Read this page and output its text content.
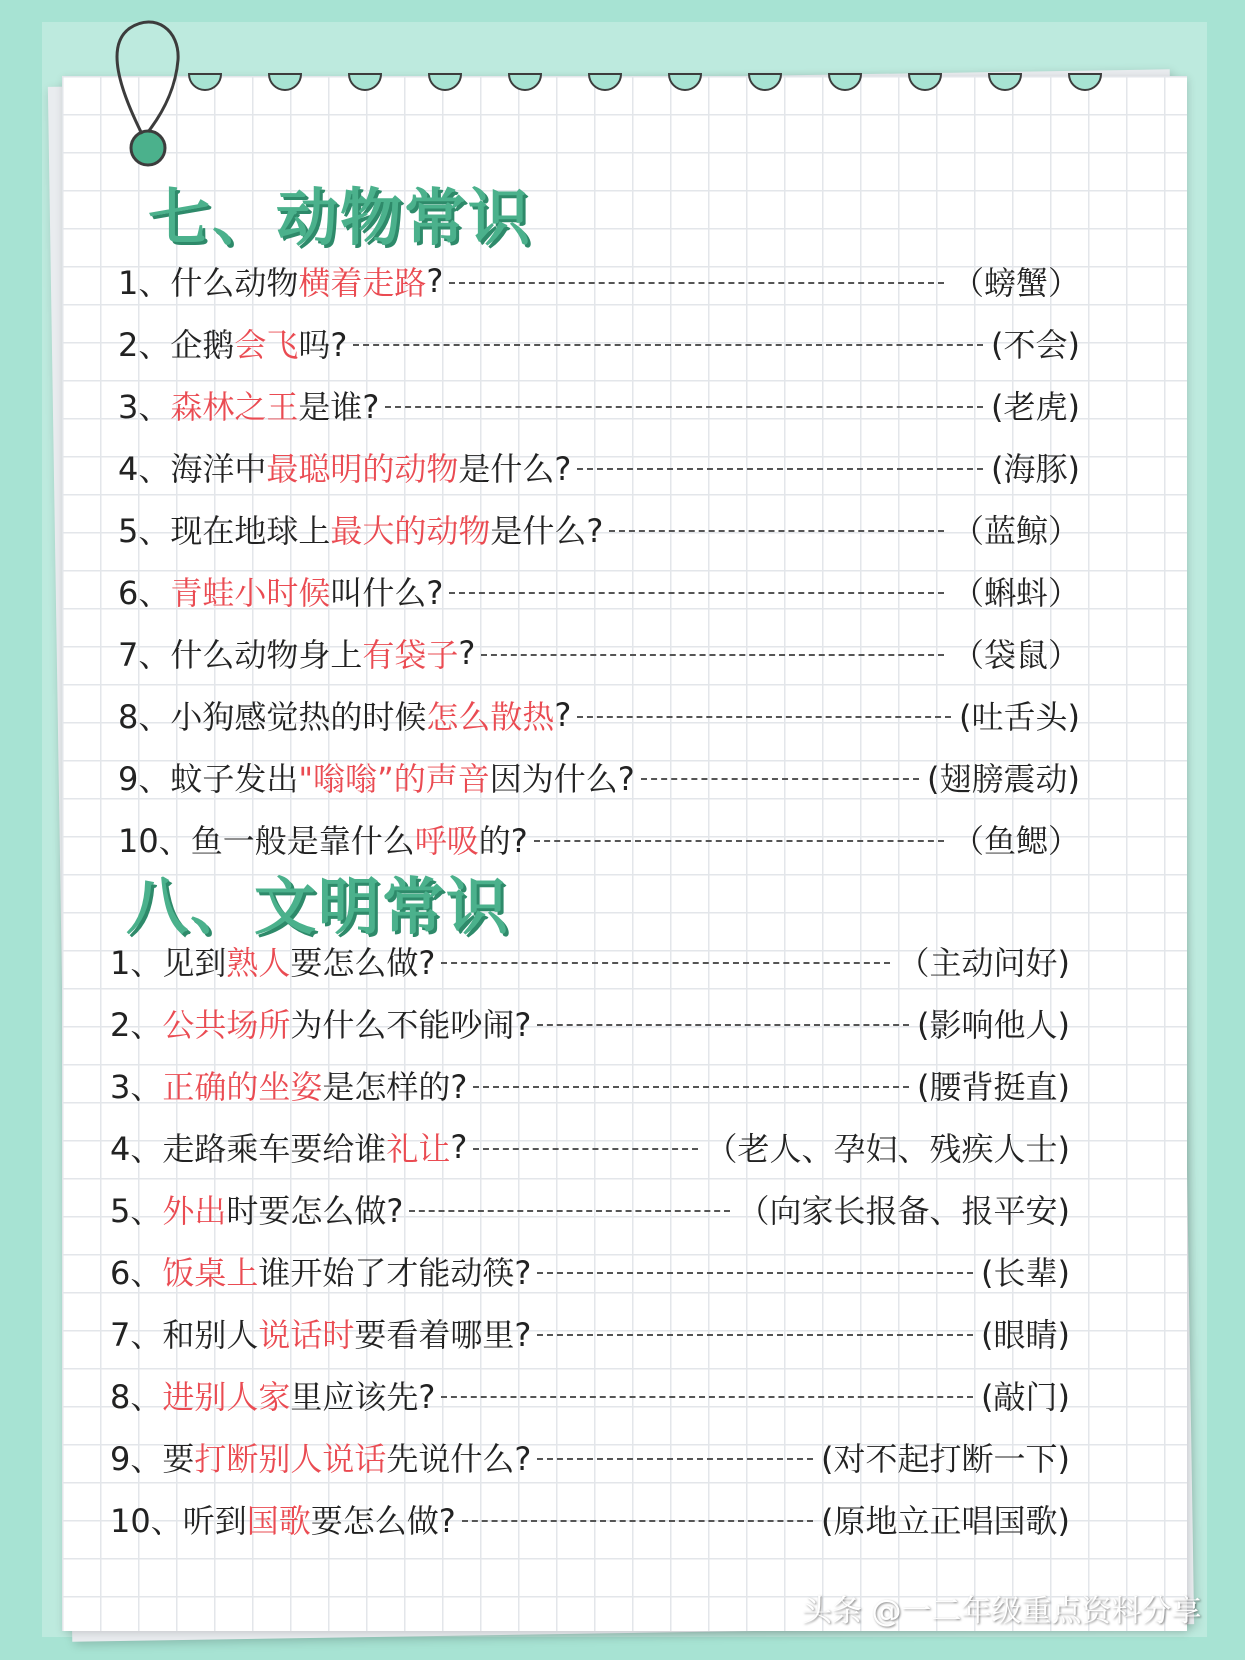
七、动物常识
1、 什么动物 横着走路 ?	（螃蟹）
2、 企鹅 会飞 吗?	(不会)
3、 森林之王 是谁?	(老虎)
4、 海洋中 最聪明的动物 是什么?	(海豚)
5、 现在地球上 最大的动物 是什么?	（蓝鲸）
6、 青蛙小时候 叫什么?	（蝌蚪）
7、 什么动物身上 有袋子 ?	（袋鼠）
8、 小狗感觉热的时候 怎么散热 ?	(吐舌头)
9、 蚊子发出 "嗡嗡”的声音 因为什么?	(翅膀震动)
10、 鱼一般是靠什么 呼吸 的?	（鱼鳃）
八、文明常识
1、 见到 熟人 要怎么做?	（主动问好)
2、 公共场所 为什么不能吵闹?	(影响他人)
3、 正确的坐姿 是怎样的?	(腰背挺直)
4、 走路乘车要给谁 礼让 ?	（老人、孕妇、残疾人士)
5、 外出 时要怎么做?	（向家长报备、报平安)
6、 饭桌上 谁开始了才能动筷?	(长辈)
7、 和别人 说话时 要看着哪里?	(眼睛)
8、 进别人家 里应该先?	(敲门)
9、 要 打断别人说话 先说什么?	(对不起打断一下)
10、 听到 国歌 要怎么做?	(原地立正唱国歌)
头条 @一二年级重点资料分享
